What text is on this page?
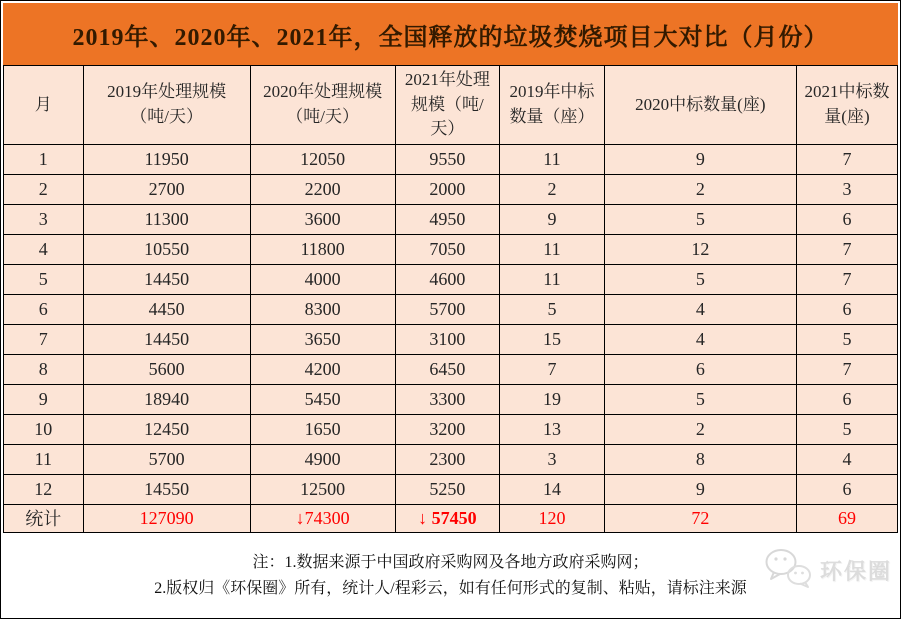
2019年、2020年、2021年，全国释放的垃圾焚烧项目大对比（月份）
月	2019年处理规模（吨/天）	2020年处理规模（吨/天）	2021年处理规模（吨/天）	2019年中标数量（座）	2020中标数量(座)	2021中标数量(座)
1	11950	12050	9550	11	9	7
2	2700	2200	2000	2	2	3
3	11300	3600	4950	9	5	6
4	10550	11800	7050	11	12	7
5	14450	4000	4600	11	5	7
6	4450	8300	5700	5	4	6
7	14450	3650	3100	15	4	5
8	5600	4200	6450	7	6	7
9	18940	5450	3300	19	5	6
10	12450	1650	3200	13	2	5
11	5700	4900	2300	3	8	4
12	14550	12500	5250	14	9	6
统计	127090	↓74300	↓ 57450	120	72	69
注：1.数据来源于中国政府采购网及各地方政府采购网；
2.版权归《环保圈》所有，统计人/程彩云，如有任何形式的复制、粘贴，请标注来源
环保圈
